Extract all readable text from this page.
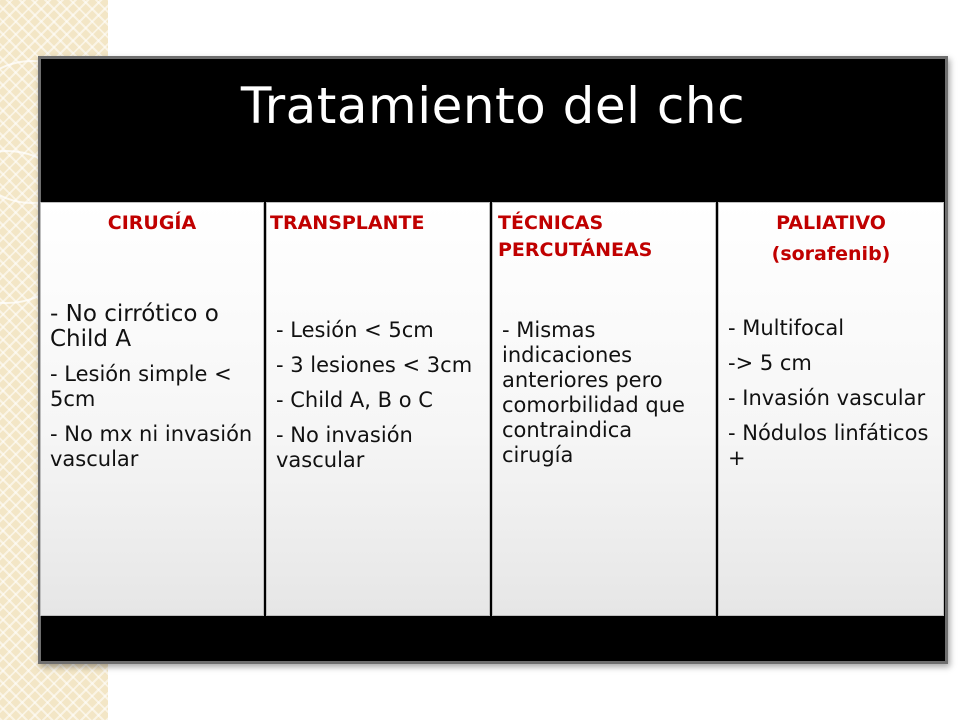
Tratamiento del chc
CIRUGÍA

- No cirrótico o Child A

- Lesión simple < 5cm

- No mx ni invasión vascular

TRANSPLANTE

- Lesión < 5cm

- 3 lesiones < 3cm

- Child A, B o C

- No invasión vascular

TÉCNICAS PERCUTÁNEAS

- Mismas indicaciones anteriores pero comorbilidad que contraindica cirugía

PALIATIVO
(sorafenib)

- Multifocal

-> 5 cm

- Invasión vascular

- Nódulos linfáticos +
